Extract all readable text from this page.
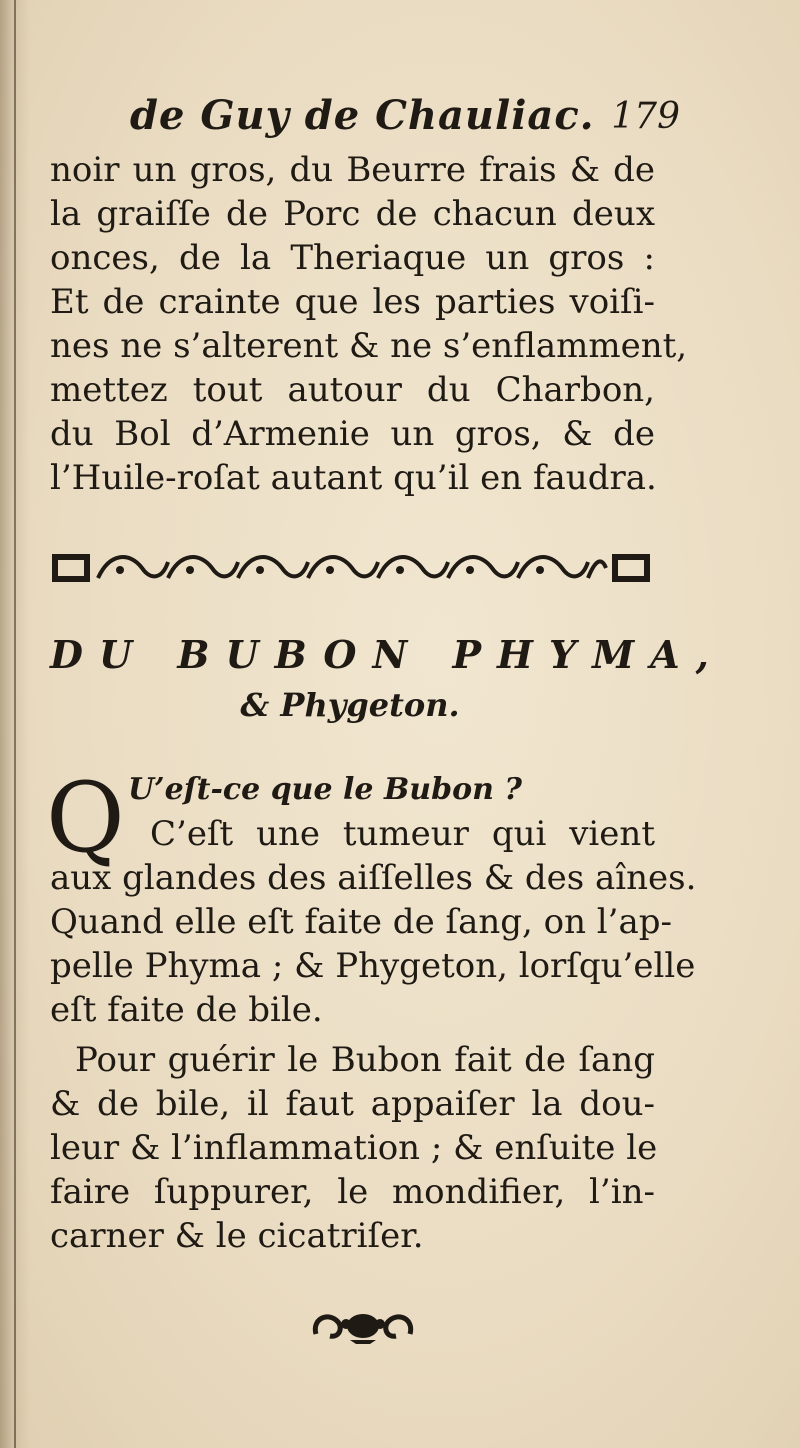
de Guy de Chauliac. 179
noir un gros, du Beurre frais & de
la graiſſe de Porc de chacun deux
onces, de la Theriaque un gros :
Et de crainte que les parties voiſi-
nes ne s’alterent & ne s’enflamment,
mettez tout autour du Charbon,
du Bol d’Armenie un gros, & de
l’Huile-roſat autant qu’il en faudra.
DU BUBON PHYMA,
& Phygeton.
Q U’eſt-ce que le Bubon ?
C’eſt une tumeur qui vient
aux glandes des aiſſelles & des aînes.
Quand elle eſt faite de ſang, on l’ap-
pelle Phyma ; & Phygeton, lorſqu’elle
eſt faite de bile.
Pour guérir le Bubon fait de ſang
& de bile, il faut appaiſer la dou-
leur & l’inflammation ; & enſuite le
faire ſuppurer, le mondifier, l’in-
carner & le cicatriſer.
